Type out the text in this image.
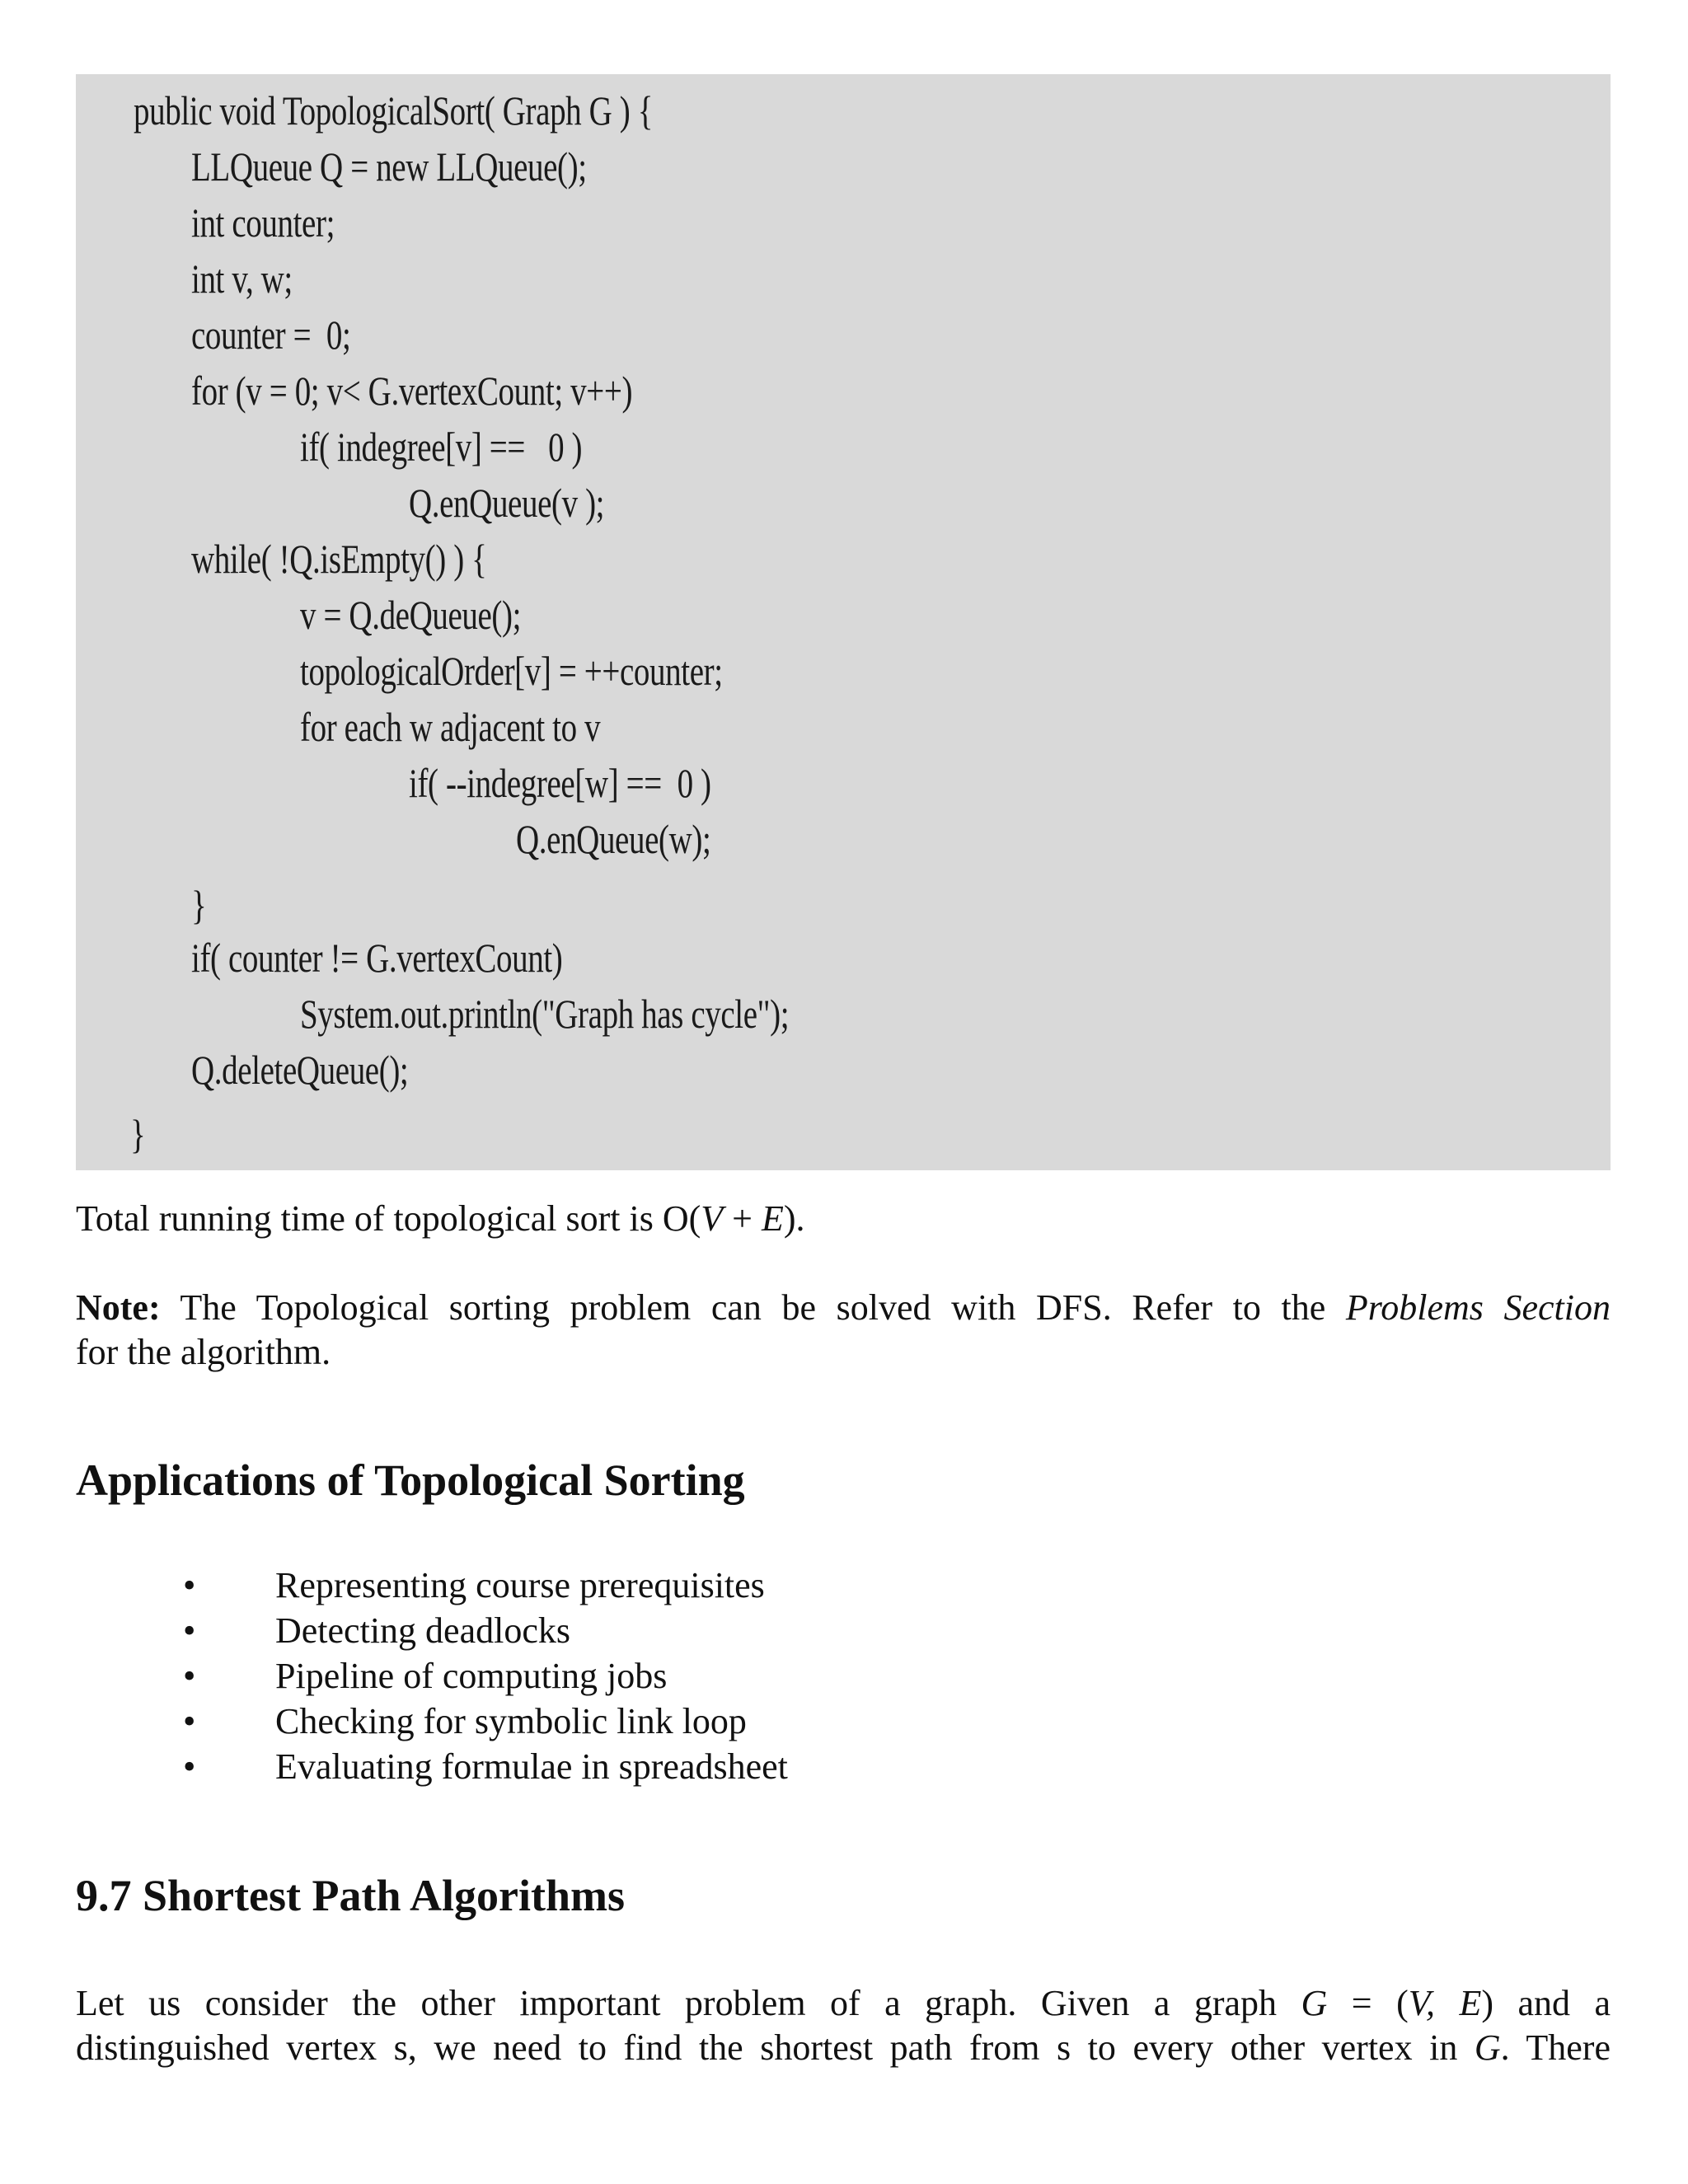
public void TopologicalSort( Graph G ) {
LLQueue Q = new LLQueue();
int counter;
int v, w;
counter =  0;
for (v = 0; v< G.vertexCount; v++)
if( indegree[v] ==   0 )
Q.enQueue(v );
while( !Q.isEmpty() ) {
v = Q.deQueue();
topologicalOrder[v] = ++counter;
for each w adjacent to v
if( --indegree[w] ==  0 )
Q.enQueue(w);
}
if( counter != G.vertexCount)
System.out.println("Graph has cycle");
Q.deleteQueue();
}
Total running time of topological sort is O(V + E).
Note: The Topological sorting problem can be solved with DFS. Refer to the Problems Section
for the algorithm.
Applications of Topological Sorting
• Representing course prerequisites
• Detecting deadlocks
• Pipeline of computing jobs
• Checking for symbolic link loop
• Evaluating formulae in spreadsheet
9.7 Shortest Path Algorithms
Let us consider the other important problem of a graph. Given a graph G = (V, E) and a
distinguished vertex s, we need to find the shortest path from s to every other vertex in G. There
